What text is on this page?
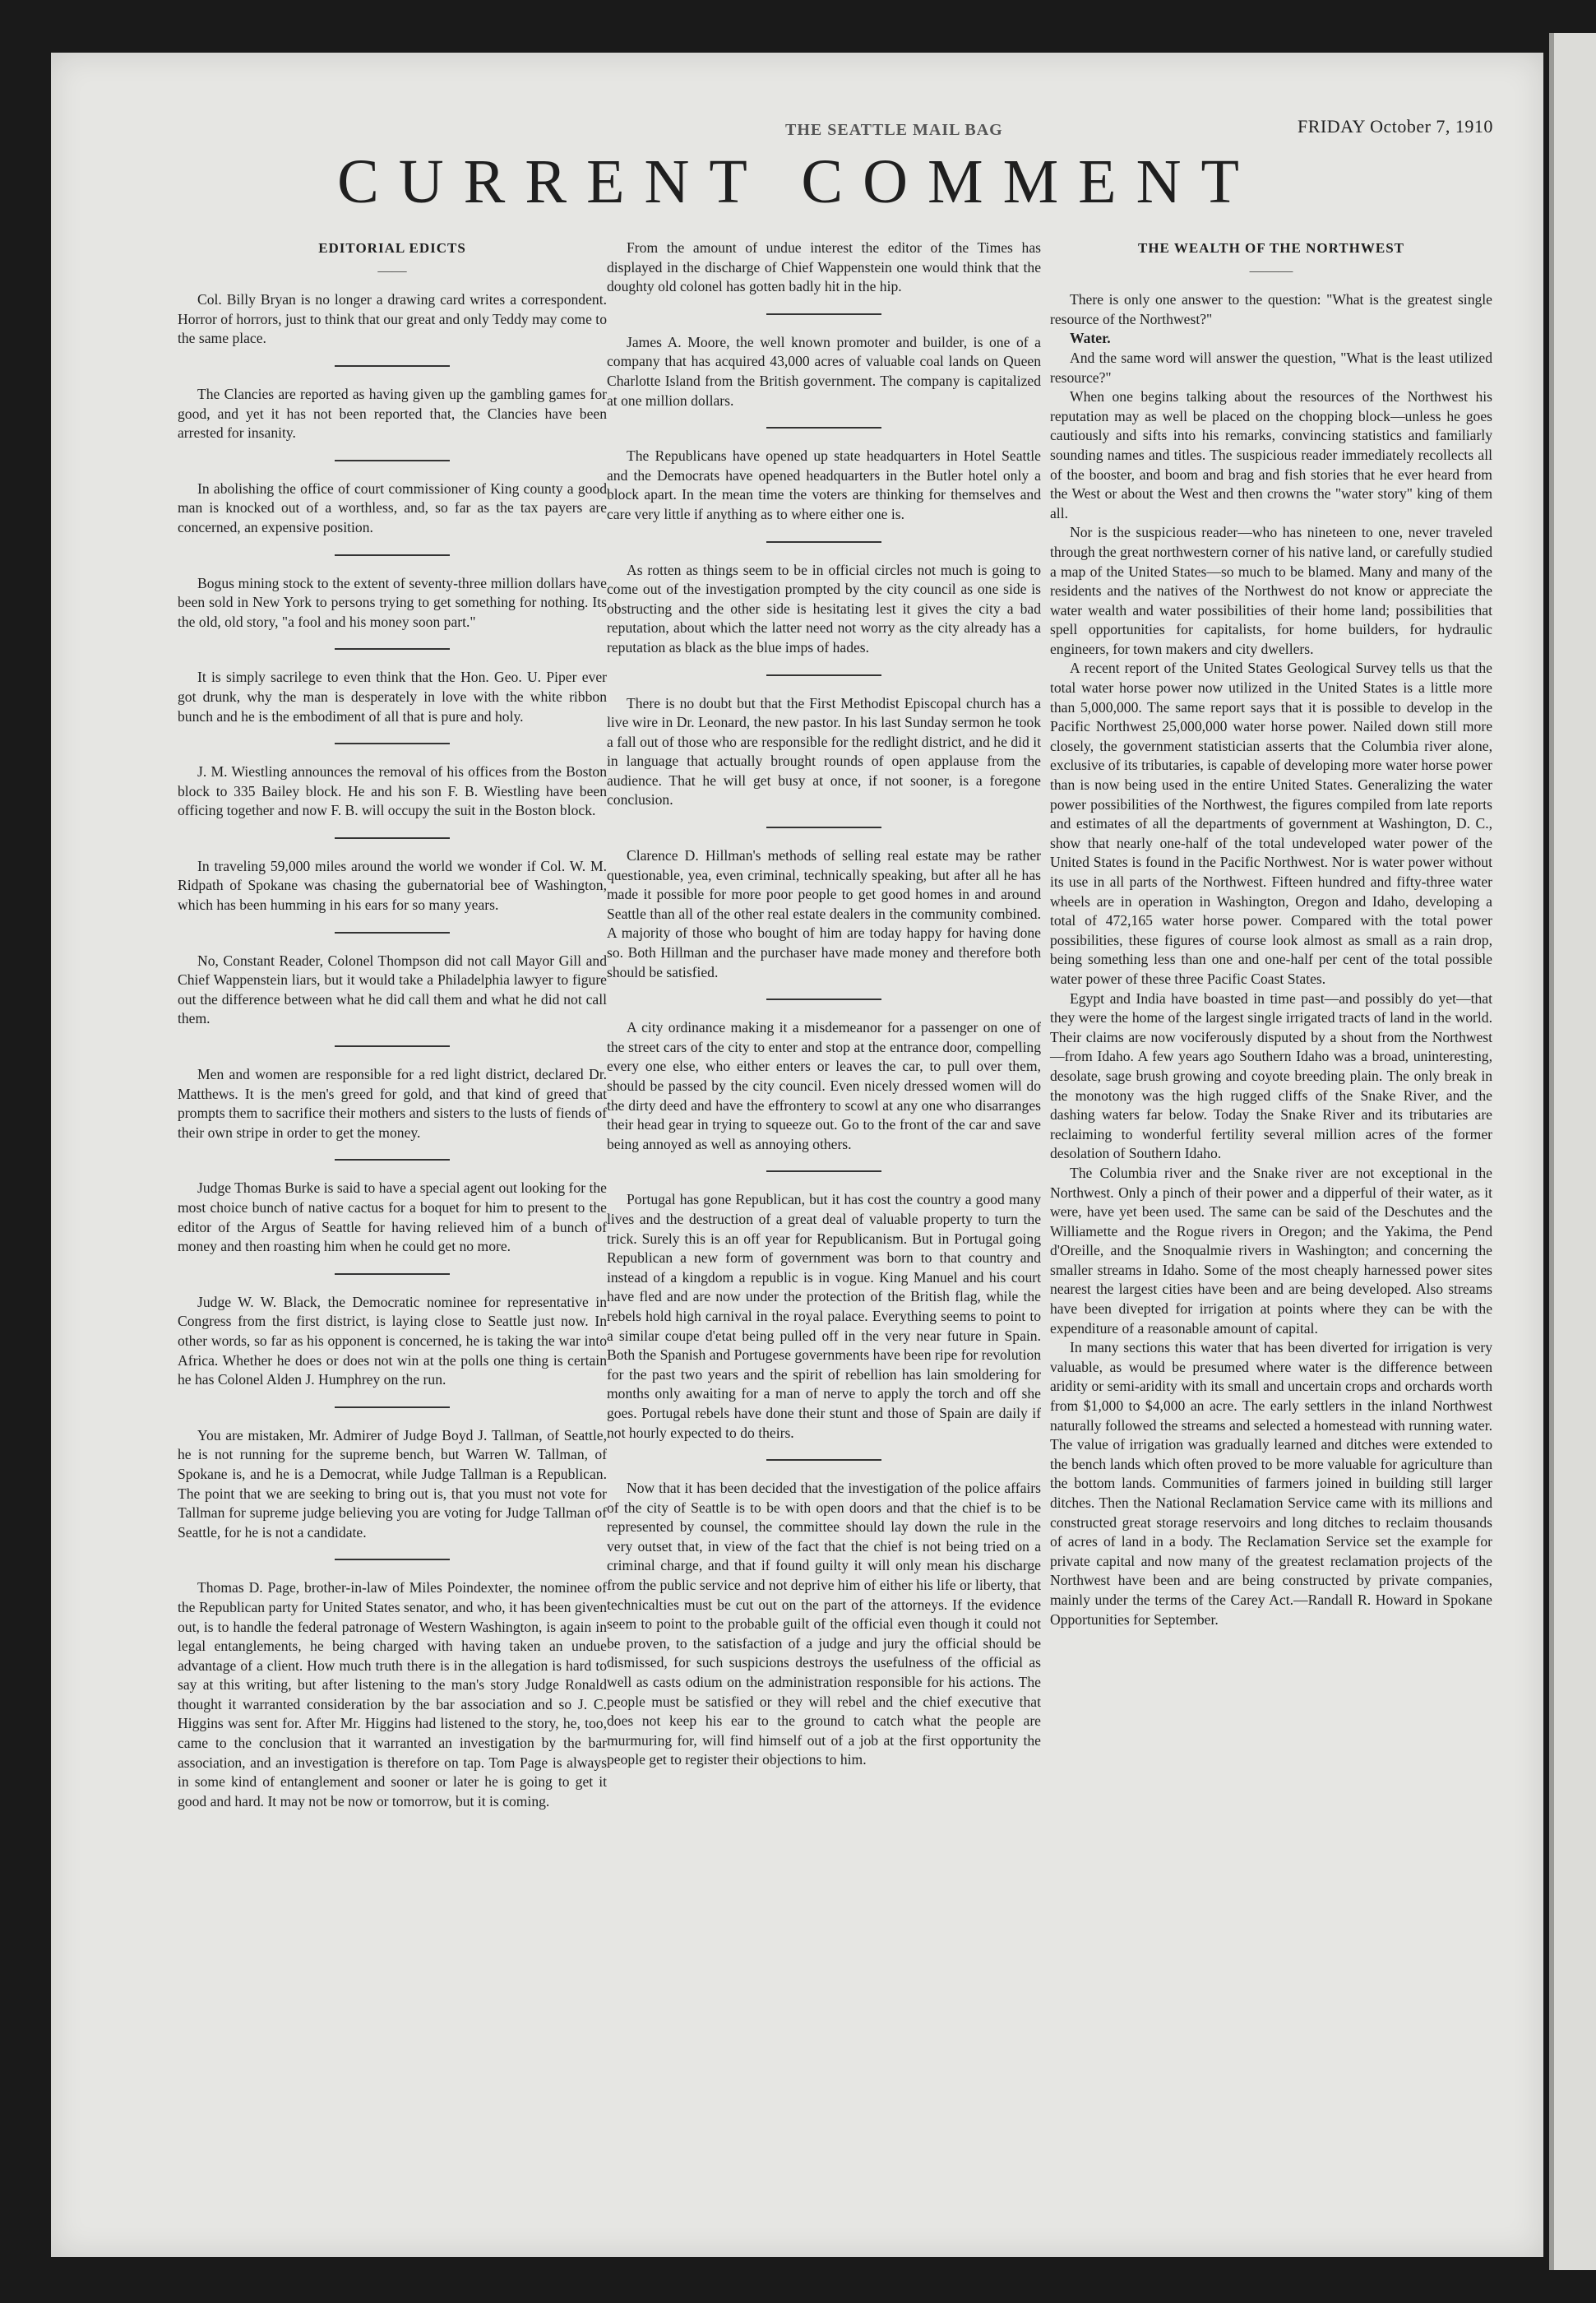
THE SEATTLE MAIL BAG	FRIDAY October 7, 1910
CURRENT COMMENT
EDITORIAL EDICTS
——

Col. Billy Bryan is no longer a drawing card writes a correspondent. Horror of horrors, just to think that our great and only Teddy may come to the same place.

The Clancies are reported as having given up the gambling games for good, and yet it has not been reported that, the Clancies have been arrested for insanity.

In abolishing the office of court commissioner of King county a good man is knocked out of a worthless, and, so far as the tax payers are concerned, an expensive position.

Bogus mining stock to the extent of seventy-three million dollars have been sold in New York to persons trying to get something for nothing. Its the old, old story, "a fool and his money soon part."

It is simply sacrilege to even think that the Hon. Geo. U. Piper ever got drunk, why the man is desperately in love with the white ribbon bunch and he is the embodiment of all that is pure and holy.

J. M. Wiestling announces the removal of his offices from the Boston block to 335 Bailey block. He and his son F. B. Wiestling have been officing together and now F. B. will occupy the suit in the Boston block.

In traveling 59,000 miles around the world we wonder if Col. W. M. Ridpath of Spokane was chasing the gubernatorial bee of Washington, which has been humming in his ears for so many years.

No, Constant Reader, Colonel Thompson did not call Mayor Gill and Chief Wappenstein liars, but it would take a Philadelphia lawyer to figure out the difference between what he did call them and what he did not call them.

Men and women are responsible for a red light district, declared Dr. Matthews. It is the men's greed for gold, and that kind of greed that prompts them to sacrifice their mothers and sisters to the lusts of fiends of their own stripe in order to get the money.

Judge Thomas Burke is said to have a special agent out looking for the most choice bunch of native cactus for a boquet for him to present to the editor of the Argus of Seattle for having relieved him of a bunch of money and then roasting him when he could get no more.

Judge W. W. Black, the Democratic nominee for representative in Congress from the first district, is laying close to Seattle just now. In other words, so far as his opponent is concerned, he is taking the war into Africa. Whether he does or does not win at the polls one thing is certain he has Colonel Alden J. Humphrey on the run.

You are mistaken, Mr. Admirer of Judge Boyd J. Tallman, of Seattle, he is not running for the supreme bench, but Warren W. Tallman, of Spokane is, and he is a Democrat, while Judge Tallman is a Republican. The point that we are seeking to bring out is, that you must not vote for Tallman for supreme judge believing you are voting for Judge Tallman of Seattle, for he is not a candidate.

Thomas D. Page, brother-in-law of Miles Poindexter, the nominee of the Republican party for United States senator, and who, it has been given out, is to handle the federal patronage of Western Washington, is again in legal entanglements, he being charged with having taken an undue advantage of a client. How much truth there is in the allegation is hard to say at this writing, but after listening to the man's story Judge Ronald thought it warranted consideration by the bar association and so J. C. Higgins was sent for. After Mr. Higgins had listened to the story, he, too, came to the conclusion that it warranted an investigation by the bar association, and an investigation is therefore on tap. Tom Page is always in some kind of entanglement and sooner or later he is going to get it good and hard. It may not be now or tomorrow, but it is coming.

From the amount of undue interest the editor of the Times has displayed in the discharge of Chief Wappenstein one would think that the doughty old colonel has gotten badly hit in the hip.

James A. Moore, the well known promoter and builder, is one of a company that has acquired 43,000 acres of valuable coal lands on Queen Charlotte Island from the British government. The company is capitalized at one million dollars.

The Republicans have opened up state headquarters in Hotel Seattle and the Democrats have opened headquarters in the Butler hotel only a block apart. In the mean time the voters are thinking for themselves and care very little if anything as to where either one is.

As rotten as things seem to be in official circles not much is going to come out of the investigation prompted by the city council as one side is obstructing and the other side is hesitating lest it gives the city a bad reputation, about which the latter need not worry as the city already has a reputation as black as the blue imps of hades.

There is no doubt but that the First Methodist Episcopal church has a live wire in Dr. Leonard, the new pastor. In his last Sunday sermon he took a fall out of those who are responsible for the redlight district, and he did it in language that actually brought rounds of open applause from the audience. That he will get busy at once, if not sooner, is a foregone conclusion.

Clarence D. Hillman's methods of selling real estate may be rather questionable, yea, even criminal, technically speaking, but after all he has made it possible for more poor people to get good homes in and around Seattle than all of the other real estate dealers in the community combined. A majority of those who bought of him are today happy for having done so. Both Hillman and the purchaser have made money and therefore both should be satisfied.

A city ordinance making it a misdemeanor for a passenger on one of the street cars of the city to enter and stop at the entrance door, compelling every one else, who either enters or leaves the car, to pull over them, should be passed by the city council. Even nicely dressed women will do the dirty deed and have the effrontery to scowl at any one who disarranges their head gear in trying to squeeze out. Go to the front of the car and save being annoyed as well as annoying others.

Portugal has gone Republican, but it has cost the country a good many lives and the destruction of a great deal of valuable property to turn the trick. Surely this is an off year for Republicanism. But in Portugal going Republican a new form of government was born to that country and instead of a kingdom a republic is in vogue. King Manuel and his court have fled and are now under the protection of the British flag, while the rebels hold high carnival in the royal palace. Everything seems to point to a similar coupe d'etat being pulled off in the very near future in Spain. Both the Spanish and Portugese governments have been ripe for revolution for the past two years and the spirit of rebellion has lain smoldering for months only awaiting for a man of nerve to apply the torch and off she goes. Portugal rebels have done their stunt and those of Spain are daily if not hourly expected to do theirs.

Now that it has been decided that the investigation of the police affairs of the city of Seattle is to be with open doors and that the chief is to be represented by counsel, the committee should lay down the rule in the very outset that, in view of the fact that the chief is not being tried on a criminal charge, and that if found guilty it will only mean his discharge from the public service and not deprive him of either his life or liberty, that technicalties must be cut out on the part of the attorneys. If the evidence seem to point to the probable guilt of the official even though it could not be proven, to the satisfaction of a judge and jury the official should be dismissed, for such suspicions destroys the usefulness of the official as well as casts odium on the administration responsible for his actions. The people must be satisfied or they will rebel and the chief executive that does not keep his ear to the ground to catch what the people are murmuring for, will find himself out of a job at the first opportunity the people get to register their objections to him.

THE WEALTH OF THE NORTHWEST
———

There is only one answer to the question: "What is the greatest single resource of the Northwest?"

Water.

And the same word will answer the question, "What is the least utilized resource?"

When one begins talking about the resources of the Northwest his reputation may as well be placed on the chopping block—unless he goes cautiously and sifts into his remarks, convincing statistics and familiarly sounding names and titles. The suspicious reader immediately recollects all of the booster, and boom and brag and fish stories that he ever heard from the West or about the West and then crowns the "water story" king of them all.

Nor is the suspicious reader—who has nineteen to one, never traveled through the great northwestern corner of his native land, or carefully studied a map of the United States—so much to be blamed. Many and many of the residents and the natives of the Northwest do not know or appreciate the water wealth and water possibilities of their home land; possibilities that spell opportunities for capitalists, for home builders, for hydraulic engineers, for town makers and city dwellers.

A recent report of the United States Geological Survey tells us that the total water horse power now utilized in the United States is a little more than 5,000,000. The same report says that it is possible to develop in the Pacific Northwest 25,000,000 water horse power. Nailed down still more closely, the government statistician asserts that the Columbia river alone, exclusive of its tributaries, is capable of developing more water horse power than is now being used in the entire United States. Generalizing the water power possibilities of the Northwest, the figures compiled from late reports and estimates of all the departments of government at Washington, D. C., show that nearly one-half of the total undeveloped water power of the United States is found in the Pacific Northwest. Nor is water power without its use in all parts of the Northwest. Fifteen hundred and fifty-three water wheels are in operation in Washington, Oregon and Idaho, developing a total of 472,165 water horse power. Compared with the total power possibilities, these figures of course look almost as small as a rain drop, being something less than one and one-half per cent of the total possible water power of these three Pacific Coast States.

Egypt and India have boasted in time past—and possibly do yet—that they were the home of the largest single irrigated tracts of land in the world. Their claims are now vociferously disputed by a shout from the Northwest—from Idaho. A few years ago Southern Idaho was a broad, uninteresting, desolate, sage brush growing and coyote breeding plain. The only break in the monotony was the high rugged cliffs of the Snake River, and the dashing waters far below. Today the Snake River and its tributaries are reclaiming to wonderful fertility several million acres of the former desolation of Southern Idaho.

The Columbia river and the Snake river are not exceptional in the Northwest. Only a pinch of their power and a dipperful of their water, as it were, have yet been used. The same can be said of the Deschutes and the Williamette and the Rogue rivers in Oregon; and the Yakima, the Pend d'Oreille, and the Snoqualmie rivers in Washington; and concerning the smaller streams in Idaho. Some of the most cheaply harnessed power sites nearest the largest cities have been and are being developed. Also streams have been divepted for irrigation at points where they can be with the expenditure of a reasonable amount of capital.

In many sections this water that has been diverted for irrigation is very valuable, as would be presumed where water is the difference between aridity or semi-aridity with its small and uncertain crops and orchards worth from $1,000 to $4,000 an acre. The early settlers in the inland Northwest naturally followed the streams and selected a homestead with running water. The value of irrigation was gradually learned and ditches were extended to the bench lands which often proved to be more valuable for agriculture than the bottom lands. Communities of farmers joined in building still larger ditches. Then the National Reclamation Service came with its millions and constructed great storage reservoirs and long ditches to reclaim thousands of acres of land in a body. The Reclamation Service set the example for private capital and now many of the greatest reclamation projects of the Northwest have been and are being constructed by private companies, mainly under the terms of the Carey Act.—Randall R. Howard in Spokane Opportunities for September.
